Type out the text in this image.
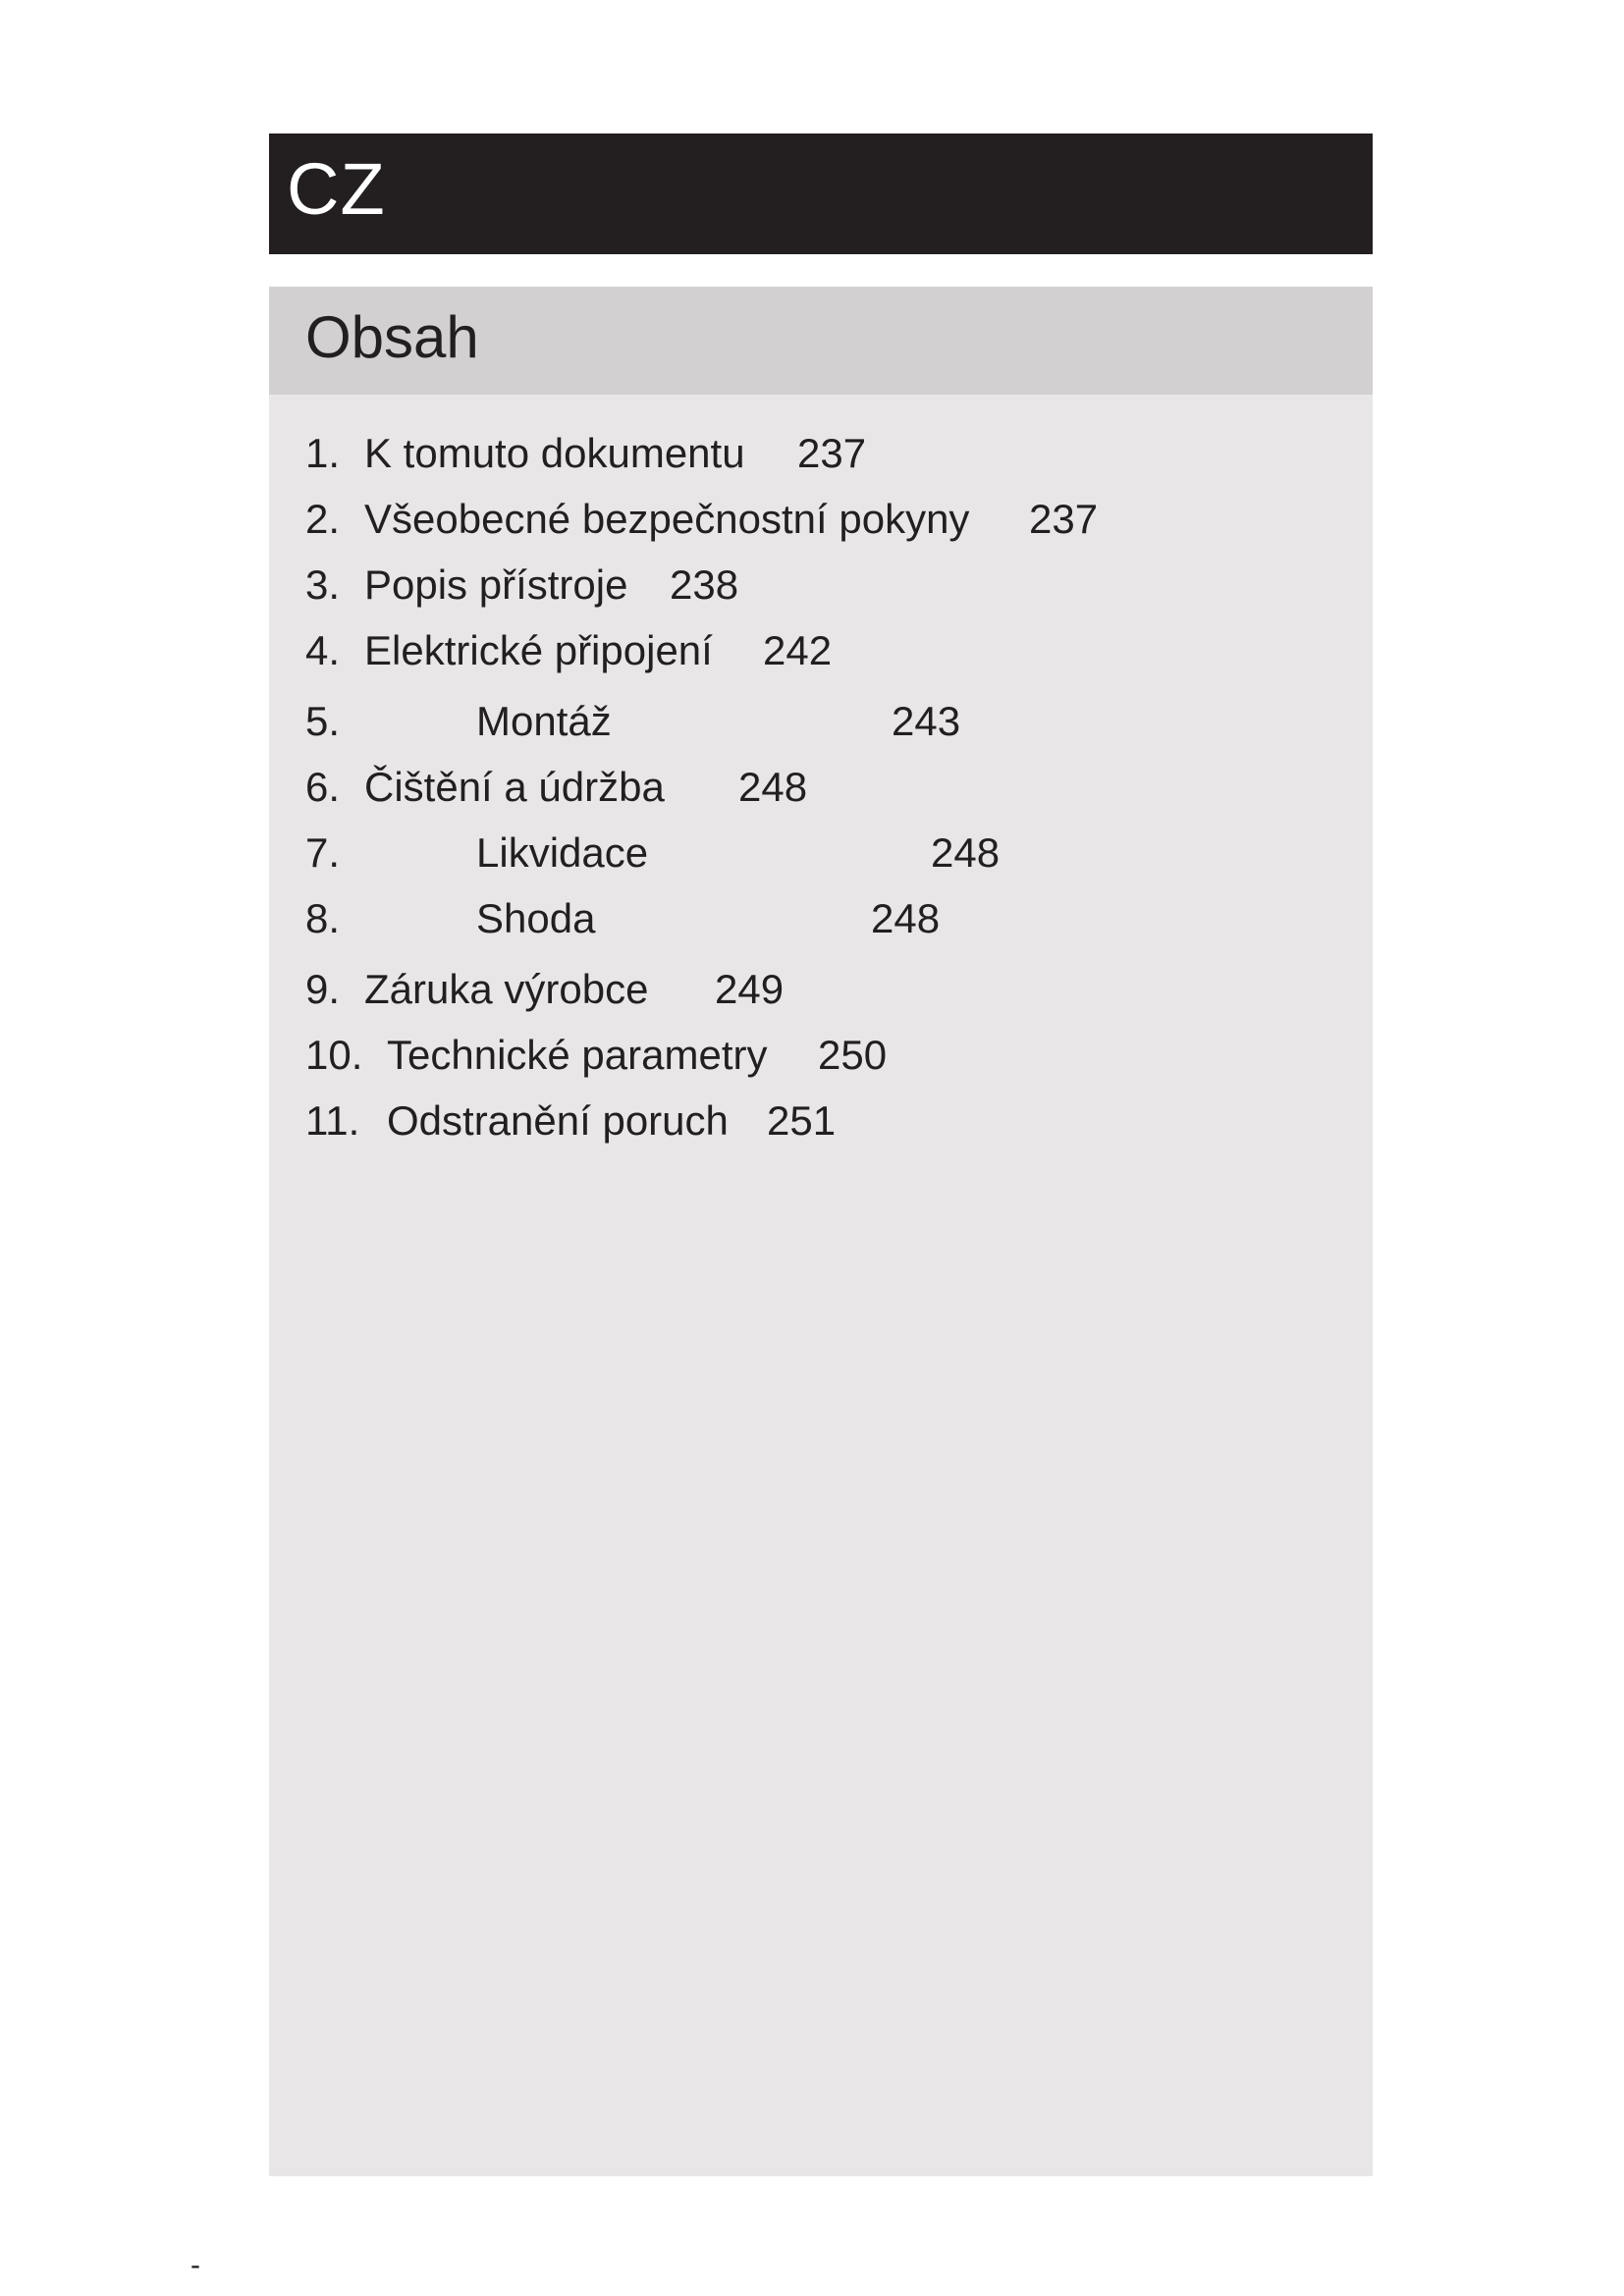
CZ
Obsah
1. K tomuto dokumentu 237
2. Všeobecné bezpečnostní pokyny 237
3. Popis přístroje 238
4. Elektrické připojení 242
5.	Montáž	243
6. Čištění a údržba 248
7.	Likvidace	248
8.	Shoda	248
9. Záruka výrobce 249
10. Technické parametry 250
11. Odstranění poruch 251
-
